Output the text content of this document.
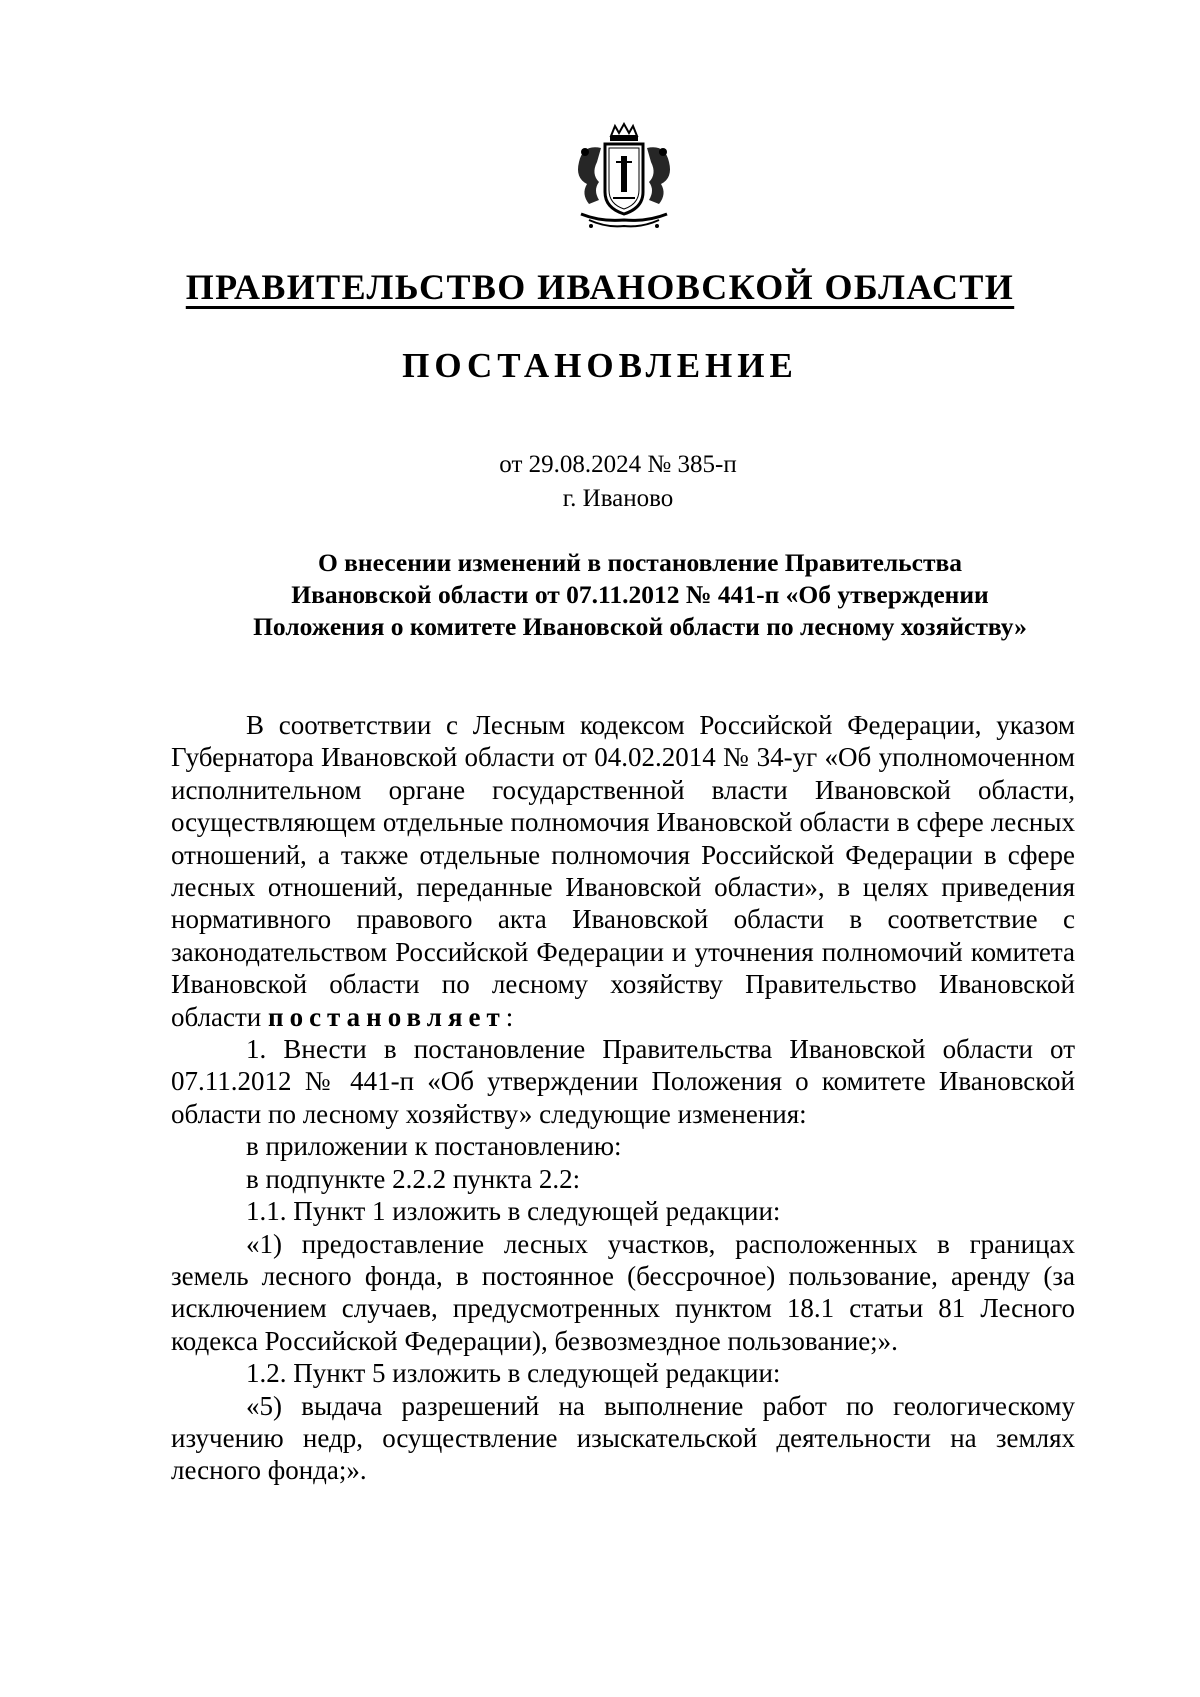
ПРАВИТЕЛЬСТВО ИВАНОВСКОЙ ОБЛАСТИ
ПОСТАНОВЛЕНИЕ
от 29.08.2024 № 385-п
г. Иваново
О внесении изменений в постановление Правительства
Ивановской области от 07.11.2012 № 441-п «Об утверждении
Положения о комитете Ивановской области по лесному хозяйству»

В соответствии с Лесным кодексом Российской Федерации, указом Губернатора Ивановской области от 04.02.2014 № 34-уг «Об уполномоченном исполнительном органе государственной власти Ивановской области, осуществляющем отдельные полномочия Ивановской области в сфере лесных отношений, а также отдельные полномочия Российской Федерации в сфере лесных отношений, переданные Ивановской области», в целях приведения нормативного правового акта Ивановской области в соответствие с законодательством Российской Федерации и уточнения полномочий комитета Ивановской области по лесному хозяйству Правительство Ивановской области постановляет:

1. Внести в постановление Правительства Ивановской области от 07.11.2012 № 441-п «Об утверждении Положения о комитете Ивановской области по лесному хозяйству» следующие изменения:

в приложении к постановлению:

в подпункте 2.2.2 пункта 2.2:

1.1. Пункт 1 изложить в следующей редакции:

«1) предоставление лесных участков, расположенных в границах земель лесного фонда, в постоянное (бессрочное) пользование, аренду (за исключением случаев, предусмотренных пунктом 18.1 статьи 81 Лесного кодекса Российской Федерации), безвозмездное пользование;».

1.2. Пункт 5 изложить в следующей редакции:

«5) выдача разрешений на выполнение работ по геологическому изучению недр, осуществление изыскательской деятельности на землях лесного фонда;».
